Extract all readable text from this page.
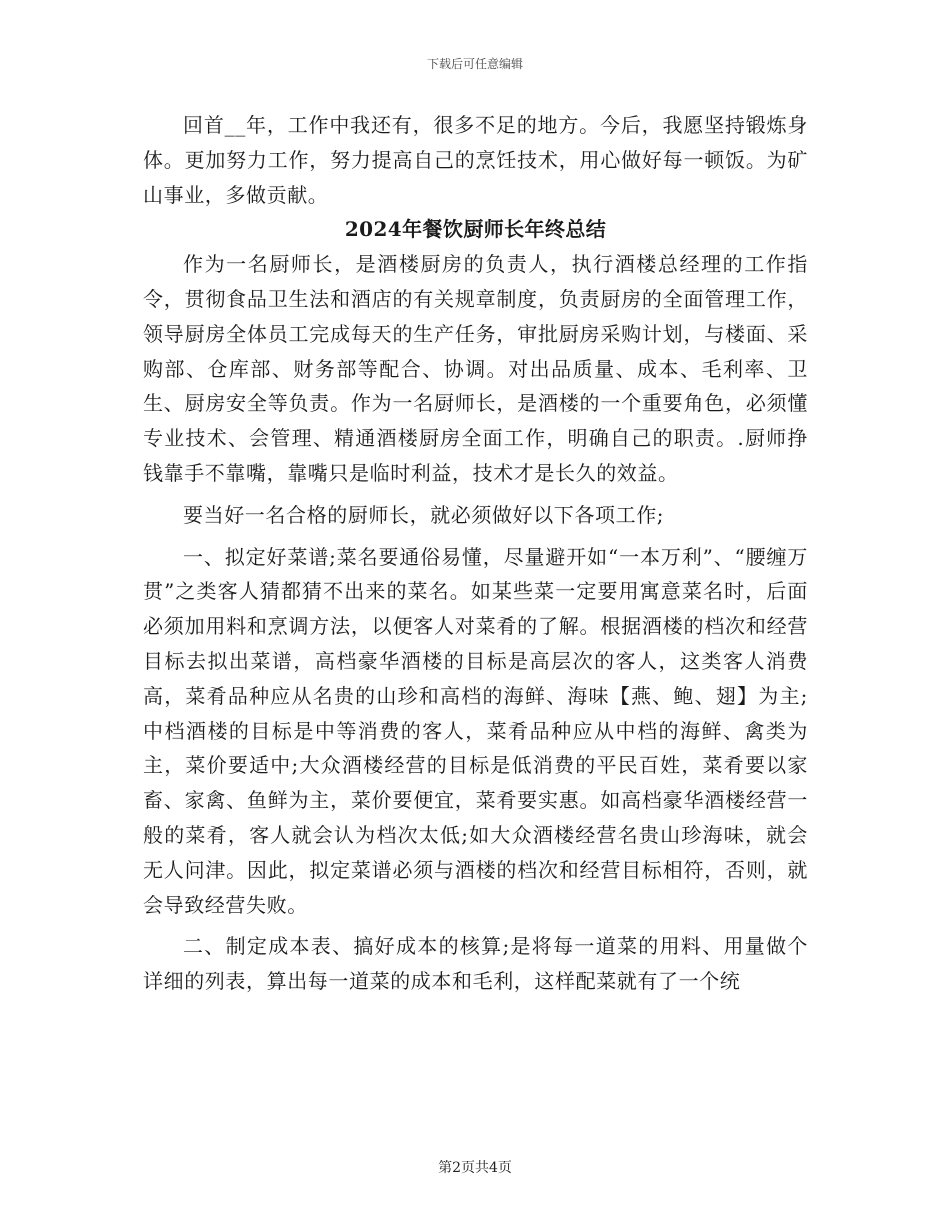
下载后可任意编辑

回首__年，工作中我还有，很多不足的地方。今后，我愿坚持锻炼身体。更加努力工作，努力提高自己的烹饪技术，用心做好每一顿饭。为矿山事业，多做贡献。

2024年餐饮厨师长年终总结

作为一名厨师长，是酒楼厨房的负责人，执行酒楼总经理的工作指令，贯彻食品卫生法和酒店的有关规章制度，负责厨房的全面管理工作，领导厨房全体员工完成每天的生产任务，审批厨房采购计划，与楼面、采购部、仓库部、财务部等配合、协调。对出品质量、成本、毛利率、卫生、厨房安全等负责。作为一名厨师长，是酒楼的一个重要角色，必须懂专业技术、会管理、精通酒楼厨房全面工作，明确自己的职责。.厨师挣钱靠手不靠嘴，靠嘴只是临时利益，技术才是长久的效益。

要当好一名合格的厨师长，就必须做好以下各项工作;

一、拟定好菜谱;菜名要通俗易懂，尽量避开如“一本万利”、“腰缠万贯”之类客人猜都猜不出来的菜名。如某些菜一定要用寓意菜名时，后面必须加用料和烹调方法，以便客人对菜肴的了解。根据酒楼的档次和经营目标去拟出菜谱，高档豪华酒楼的目标是高层次的客人，这类客人消费高，菜肴品种应从名贵的山珍和高档的海鲜、海味【燕、鲍、翅】为主;中档酒楼的目标是中等消费的客人，菜肴品种应从中档的海鲜、禽类为主，菜价要适中;大众酒楼经营的目标是低消费的平民百姓，菜肴要以家畜、家禽、鱼鲜为主，菜价要便宜，菜肴要实惠。如高档豪华酒楼经营一般的菜肴，客人就会认为档次太低;如大众酒楼经营名贵山珍海味，就会无人问津。因此，拟定菜谱必须与酒楼的档次和经营目标相符，否则，就会导致经营失败。

二、制定成本表、搞好成本的核算;是将每一道菜的用料、用量做个详细的列表，算出每一道菜的成本和毛利，这样配菜就有了一个统

第2页共4页
